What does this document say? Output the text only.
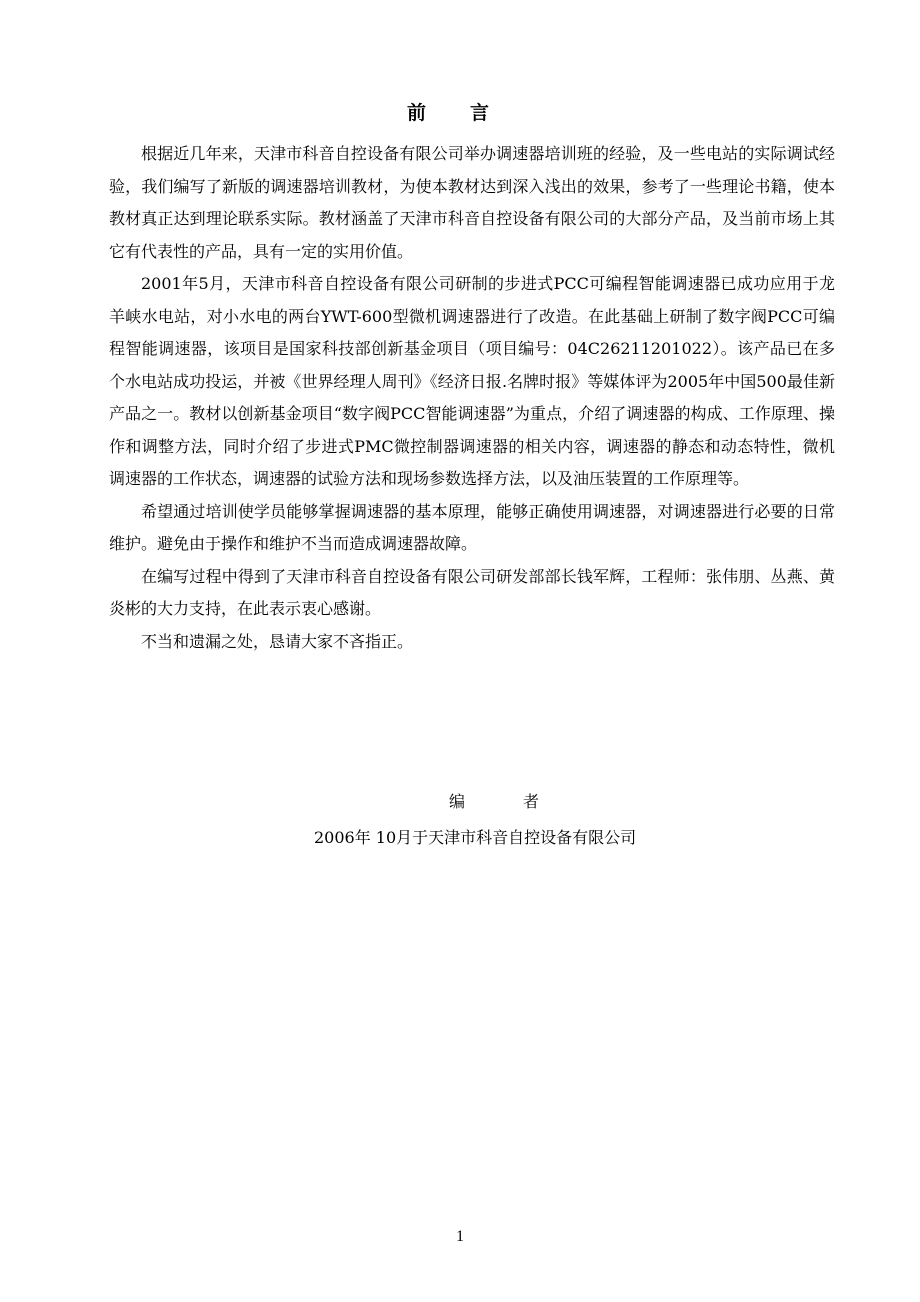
前言

根据近几年来，天津市科音自控设备有限公司举办调速器培训班的经验，及一些电站的实际调试经验，我们编写了新版的调速器培训教材，为使本教材达到深入浅出的效果，参考了一些理论书籍，使本教材真正达到理论联系实际。教材涵盖了天津市科音自控设备有限公司的大部分产品，及当前市场上其它有代表性的产品，具有一定的实用价值。

2001年5月，天津市科音自控设备有限公司研制的步进式PCC可编程智能调速器已成功应用于龙羊峡水电站，对小水电的两台YWT-600型微机调速器进行了改造。在此基础上研制了数字阀PCC可编程智能调速器，该项目是国家科技部创新基金项目（项目编号：04C26211201022）。该产品已在多个水电站成功投运，并被《世界经理人周刊》《经济日报.名牌时报》等媒体评为2005年中国500最佳新产品之一。教材以创新基金项目“数字阀PCC智能调速器”为重点，介绍了调速器的构成、工作原理、操作和调整方法，同时介绍了步进式PMC微控制器调速器的相关内容，调速器的静态和动态特性，微机调速器的工作状态，调速器的试验方法和现场参数选择方法，以及油压装置的工作原理等。

希望通过培训使学员能够掌握调速器的基本原理，能够正确使用调速器，对调速器进行必要的日常维护。避免由于操作和维护不当而造成调速器故障。

在编写过程中得到了天津市科音自控设备有限公司研发部部长钱军辉，工程师：张伟朋、丛燕、黄炎彬的大力支持，在此表示衷心感谢。

不当和遗漏之处，恳请大家不吝指正。

编者
2006年 10月于天津市科音自控设备有限公司
1
